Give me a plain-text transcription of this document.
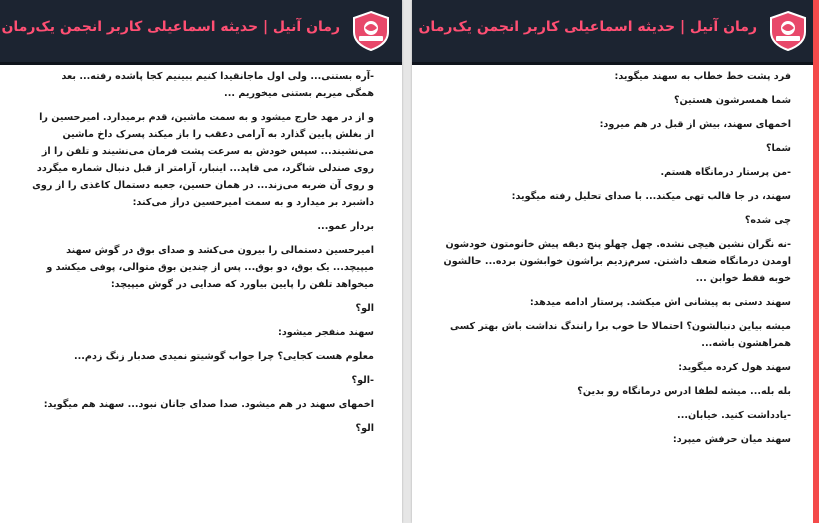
رمان آنیل | حدیثه اسماعیلی کاربر انجمن یک‌رمان

-آره بستنی... ولی اول ماجانقیدا کنیم ببینیم کجا پاشده رفته... بعد همگی میریم بستنی میخوریم ...

و از در مهد خارج میشود و به سمت ماشین، قدم برمیدارد. امیرحسین را از بغلش پایین گذارد به آرامی دعقب را باز میکند پسرک داخ ماشین می‌نشیند... سپس خودش به سرعت پشت فرمان می‌نشیند و تلفن را از روی صندلی شاگرد، می قاپد... اینبار، آرامتر از قبل دنبال شماره میگردد و روی آن ضربه می‌زند... در همان حسین، جعبه دستمال کاغذی را از روی داشبرد بر میدارد و به سمت امیرحسین دراز می‌کند:

بردار عمو...

امیرحسین دستمالی را بیرون می‌کشد و صدای بوق در گوش سهند میپیچد... یک بوق، دو بوق... پس از چندین بوق متوالی، پوفی میکشد و میخواهد تلفن را پایین بیاورد که صدایی در گوش میپیچد:

الو؟

سهند منفجر میشود:

معلوم هست کجایی؟ چرا جواب گوشیتو نمیدی صدبار زنگ زدم...

-الو؟

اخمهای سهند در هم میشود. صدا صدای جانان نبود... سهند هم میگوید:

الو؟

رمان آنیل | حدیثه اسماعیلی کاربر انجمن یک‌رمان

فرد پشت خط خطاب به سهند میگوید:

شما همسرشون هستین؟

اخمهای سهند، بیش از قبل در هم میرود:

شما؟

-من پرستار درمانگاه هستم.

سهند، در جا قالب تهی میکند... با صدای تحلیل رفته میگوید:

چی شده؟

-نه نگران نشین هیچی نشده. چهل چهلو پنج دیقه پیش خانومتون خودشون اومدن درمانگاه ضعف داشتن. سرم‌زدیم براشون خوابشون برده... حالشون خوبه فقط خوابن ...

سهند دستی به پیشانی اش میکشد. پرستار ادامه میدهد:

میشه بیاین دنبالشون؟ احتمالا حا خوب برا رانندگ نداشت باش بهتر کسی همراهشون باشه...

سهند هول کرده میگوید:

بله بله... میشه لطفا ادرس درمانگاه رو بدین؟

-یادداشت کنید. خیابان...

سهند میان حرفش میپرد:
